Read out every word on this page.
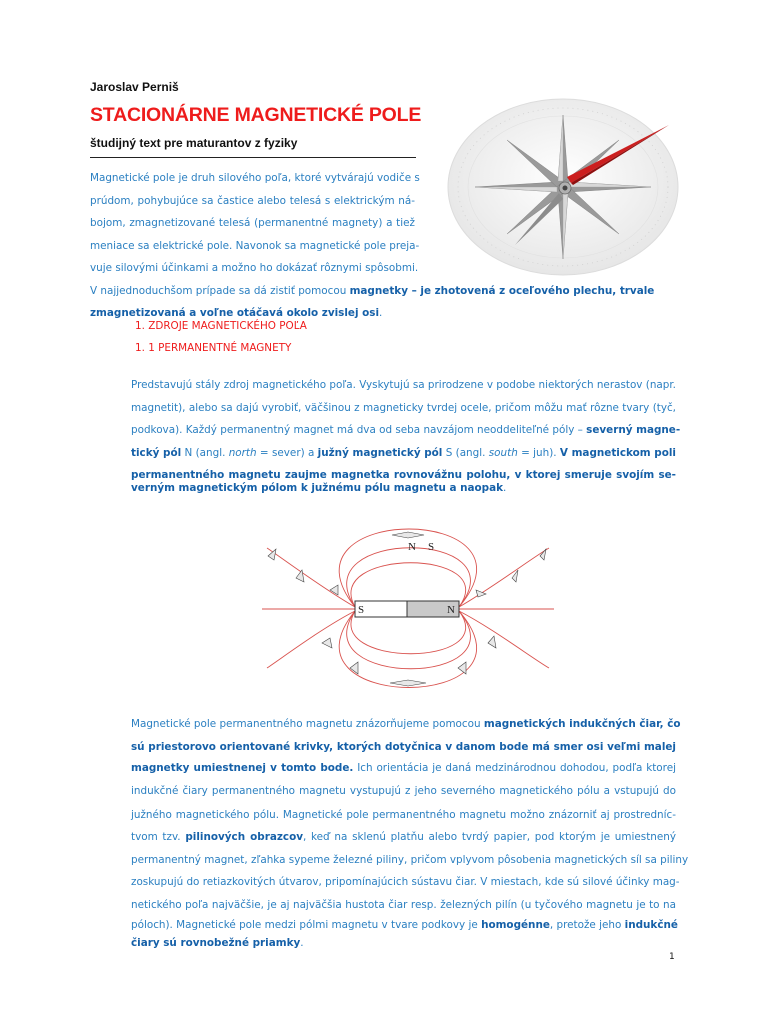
Jaroslav Perniš
STACIONÁRNE MAGNETICKÉ POLE
študijný text pre maturantov z fyziky
Magnetické pole je druh silového poľa, ktoré vytvárajú vodiče s
prúdom, pohybujúce sa častice alebo telesá s elektrickým ná-
bojom, zmagnetizované telesá (permanentné magnety) a tiež
meniace sa elektrické pole. Navonok sa magnetické pole preja-
vuje silovými účinkami a možno ho dokázať rôznymi spôsobmi.
V najjednoduchšom prípade sa dá zistiť pomocou magnetky – je zhotovená z oceľového plechu, trvale
zmagnetizovaná a voľne otáčavá okolo zvislej osi.
1. ZDROJE MAGNETICKÉHO POĽA
1. 1 PERMANENTNÉ MAGNETY
Predstavujú stály zdroj magnetického poľa. Vyskytujú sa prirodzene v podobe niektorých nerastov (napr.
magnetit), alebo sa dajú vyrobiť, väčšinou z magneticky tvrdej ocele, pričom môžu mať rôzne tvary (tyč,
podkova). Každý permanentný magnet má dva od seba navzájom neoddeliteľné póly – severný magne-
tický pól N (angl. north = sever) a južný magnetický pól S (angl. south = juh). V magnetickom poli
permanentného magnetu zaujme magnetka rovnovážnu polohu, v ktorej smeruje svojím se-
verným magnetickým pólom k južnému pólu magnetu a naopak.
S	N
N S
Magnetické pole permanentného magnetu znázorňujeme pomocou magnetických indukčných čiar, čo
sú priestorovo orientované krivky, ktorých dotyčnica v danom bode má smer osi veľmi malej
magnetky umiestnenej v tomto bode. Ich orientácia je daná medzinárodnou dohodou, podľa ktorej
indukčné čiary permanentného magnetu vystupujú z jeho severného magnetického pólu a vstupujú do
južného magnetického pólu. Magnetické pole permanentného magnetu možno znázorniť aj prostredníc-
tvom tzv. pilinových obrazcov, keď na sklenú platňu alebo tvrdý papier, pod ktorým je umiestnený
permanentný magnet, zľahka sypeme železné piliny, pričom vplyvom pôsobenia magnetických síl sa piliny
zoskupujú do retiazkovitých útvarov, pripomínajúcich sústavu čiar. V miestach, kde sú silové účinky mag-
netického poľa najväčšie, je aj najväčšia hustota čiar resp. železných pilín (u tyčového magnetu je to na
póloch). Magnetické pole medzi pólmi magnetu v tvare podkovy je homogénne, pretože jeho indukčné
čiary sú rovnobežné priamky.
1
